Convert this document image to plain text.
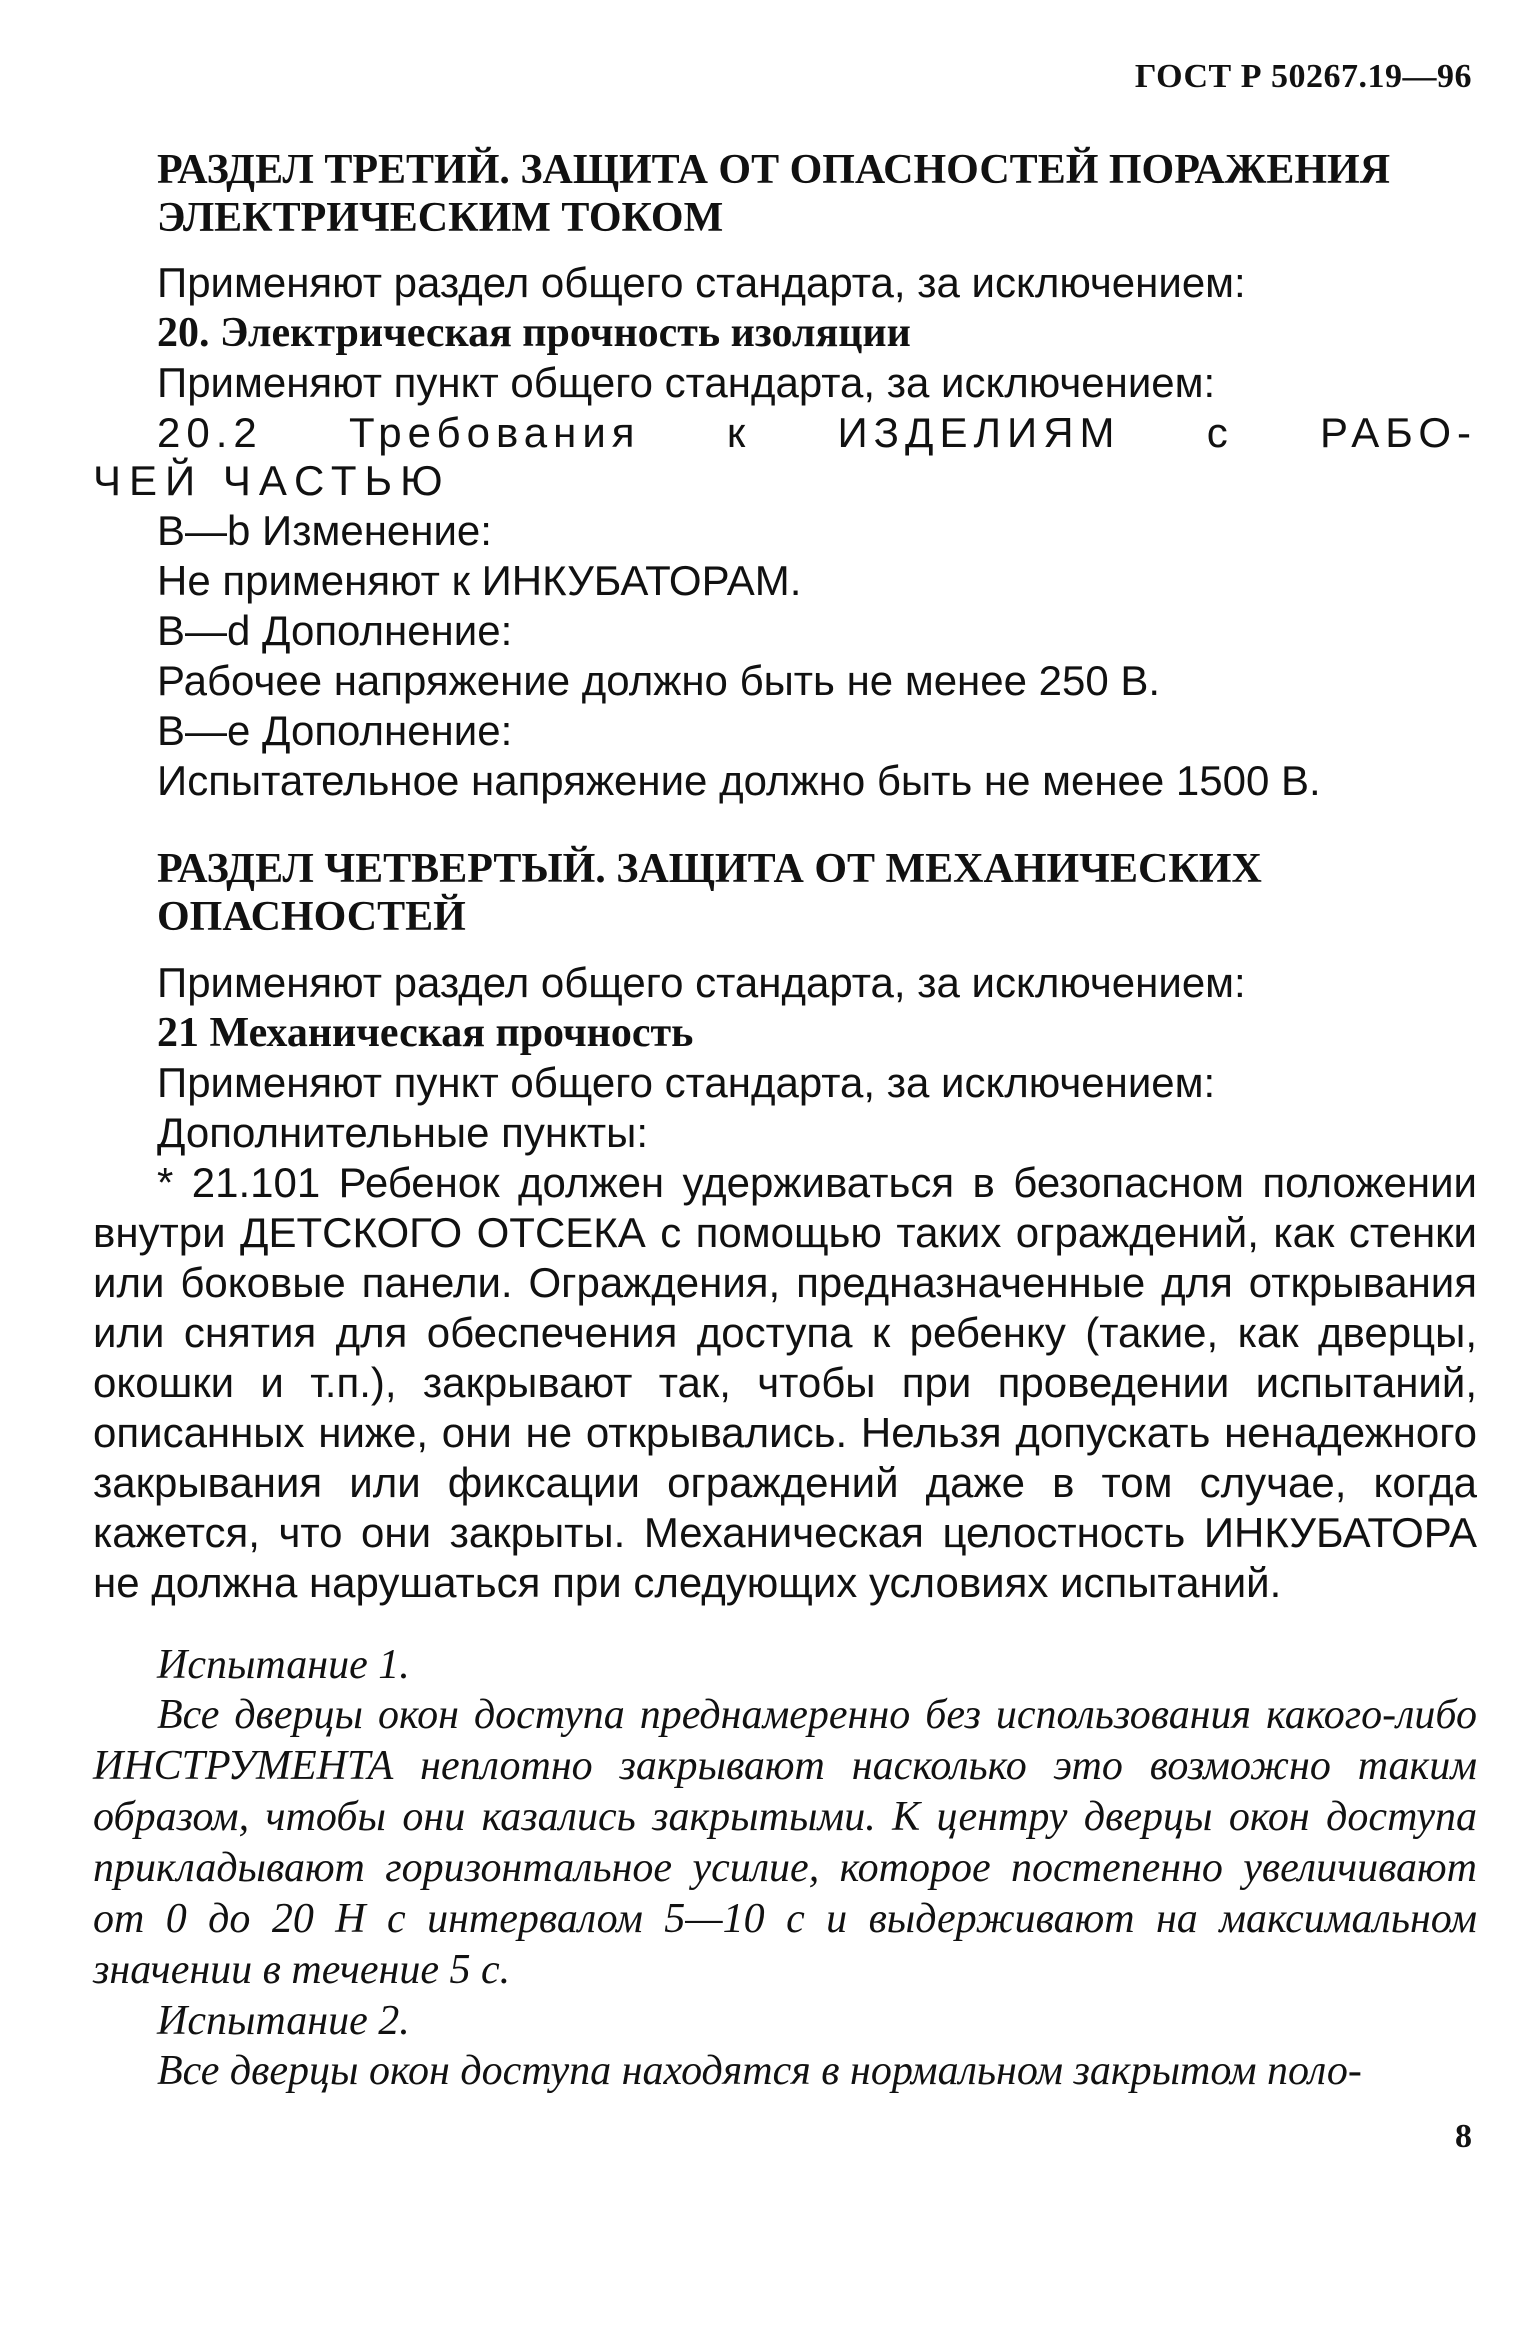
ГОСТ Р 50267.19—96
РАЗДЕЛ ТРЕТИЙ. ЗАЩИТА ОТ ОПАСНОСТЕЙ ПОРАЖЕНИЯ
ЭЛЕКТРИЧЕСКИМ ТОКОМ
Применяют раздел общего стандарта, за исключением:
20. Электрическая прочность изоляции
Применяют пункт общего стандарта, за исключением:
20.2 Требования к ИЗДЕЛИЯМ с РАБО-
ЧЕЙ ЧАСТЬЮ
B—b Изменение:
Не применяют к ИНКУБАТОРАМ.
B—d Дополнение:
Рабочее напряжение должно быть не менее 250 В.
B—e Дополнение:
Испытательное напряжение должно быть не менее 1500 В.
РАЗДЕЛ ЧЕТВЕРТЫЙ. ЗАЩИТА ОТ МЕХАНИЧЕСКИХ
ОПАСНОСТЕЙ
Применяют раздел общего стандарта, за исключением:
21 Механическая прочность
Применяют пункт общего стандарта, за исключением:
Дополнительные пункты:

* 21.101 Ребенок должен удерживаться в безопасном положении внутри ДЕТСКОГО ОТСЕКА с помощью таких ограждений, как стенки или боковые панели. Ограждения, предназначенные для открывания или снятия для обеспечения доступа к ребенку (такие, как дверцы, окошки и т.п.), закрывают так, чтобы при проведении испытаний, описанных ниже, они не открывались. Нельзя допускать ненадежного закрывания или фиксации ограждений даже в том случае, когда кажется, что они закрыты. Механическая целостность ИНКУБАТОРА не должна нарушаться при следующих условиях испытаний.

Испытание 1.

Все дверцы окон доступа преднамеренно без использования какого-либо ИНСТРУМЕНТА неплотно закрывают насколько это возможно таким образом, чтобы они казались закрытыми. К центру дверцы окон доступа прикладывают горизонтальное усилие, которое постепенно увеличивают от 0 до 20 Н с интервалом 5—10 с и выдерживают на максимальном значении в течение 5 с.

Испытание 2.

Все дверцы окон доступа находятся в нормальном закрытом поло-

8
